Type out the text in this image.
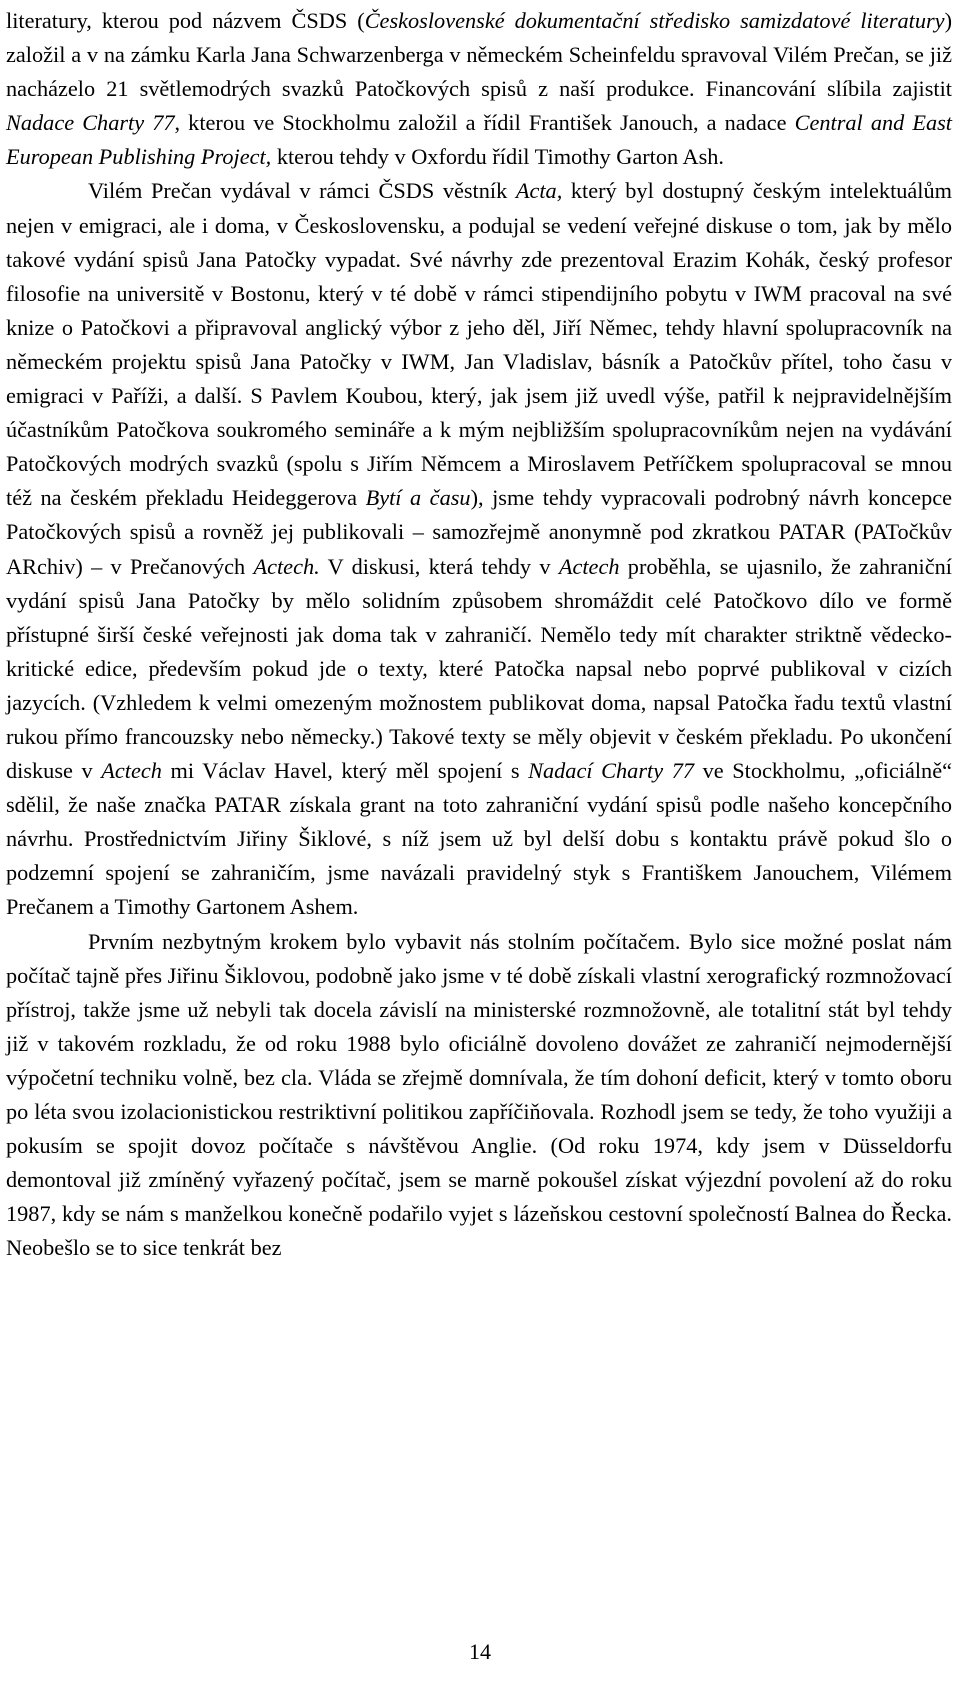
literatury, kterou pod názvem ČSDS (Československé dokumentační středisko samizdatové literatury) založil a v na zámku Karla Jana Schwarzenberga v německém Scheinfeldu spravoval Vilém Prečan, se již nacházelo 21 světlemodrých svazků Patočkových spisů z naší produkce. Financování slíbila zajistit Nadace Charty 77, kterou ve Stockholmu založil a řídil František Janouch, a nadace Central and East European Publishing Project, kterou tehdy v Oxfordu řídil Timothy Garton Ash.

Vilém Prečan vydával v rámci ČSDS věstník Acta, který byl dostupný českým intelektuálům nejen v emigraci, ale i doma, v Československu, a podujal se vedení veřejné diskuse o tom, jak by mělo takové vydání spisů Jana Patočky vypadat. Své návrhy zde prezentoval Erazim Kohák, český profesor filosofie na universitě v Bostonu, který v té době v rámci stipendijního pobytu v IWM pracoval na své knize o Patočkovi a připravoval anglický výbor z jeho děl, Jiří Němec, tehdy hlavní spolupracovník na německém projektu spisů Jana Patočky v IWM, Jan Vladislav, básník a Patočkův přítel, toho času v emigraci v Paříži, a další. S Pavlem Koubou, který, jak jsem již uvedl výše, patřil k nejpravidelnějším účastníkům Patočkova soukromého semináře a k mým nejbližším spolupracovníkům nejen na vydávání Patočkových modrých svazků (spolu s Jiřím Němcem a Miroslavem Petříčkem spolupracoval se mnou též na českém překladu Heideggerova Bytí a času), jsme tehdy vypracovali podrobný návrh koncepce Patočkových spisů a rovněž jej publikovali – samozřejmě anonymně pod zkratkou PATAR (PATočkův ARchiv) – v Prečanových Actech. V diskusi, která tehdy v Actech proběhla, se ujasnilo, že zahraniční vydání spisů Jana Patočky by mělo solidním způsobem shromáždit celé Patočkovo dílo ve formě přístupné širší české veřejnosti jak doma tak v zahraničí. Nemělo tedy mít charakter striktně vědecko-kritické edice, především pokud jde o texty, které Patočka napsal nebo poprvé publikoval v cizích jazycích. (Vzhledem k velmi omezeným možnostem publikovat doma, napsal Patočka řadu textů vlastní rukou přímo francouzsky nebo německy.) Takové texty se měly objevit v českém překladu. Po ukončení diskuse v Actech mi Václav Havel, který měl spojení s Nadací Charty 77 ve Stockholmu, „oficiálně“ sdělil, že naše značka PATAR získala grant na toto zahraniční vydání spisů podle našeho koncepčního návrhu. Prostřednictvím Jiřiny Šiklové, s níž jsem už byl delší dobu s kontaktu právě pokud šlo o podzemní spojení se zahraničím, jsme navázali pravidelný styk s Františkem Janouchem, Vilémem Prečanem a Timothy Gartonem Ashem.

Prvním nezbytným krokem bylo vybavit nás stolním počítačem. Bylo sice možné poslat nám počítač tajně přes Jiřinu Šiklovou, podobně jako jsme v té době získali vlastní xerografický rozmnožovací přístroj, takže jsme už nebyli tak docela závislí na ministerské rozmnožovně, ale totalitní stát byl tehdy již v takovém rozkladu, že od roku 1988 bylo oficiálně dovoleno dovážet ze zahraničí nejmodernější výpočetní techniku volně, bez cla. Vláda se zřejmě domnívala, že tím dohoní deficit, který v tomto oboru po léta svou izolacionistickou restriktivní politikou zapříčiňovala. Rozhodl jsem se tedy, že toho využiji a pokusím se spojit dovoz počítače s návštěvou Anglie. (Od roku 1974, kdy jsem v Düsseldorfu demontoval již zmíněný vyřazený počítač, jsem se marně pokoušel získat výjezdní povolení až do roku 1987, kdy se nám s manželkou konečně podařilo vyjet s lázeňskou cestovní společností Balnea do Řecka. Neobešlo se to sice tenkrát bez

14
